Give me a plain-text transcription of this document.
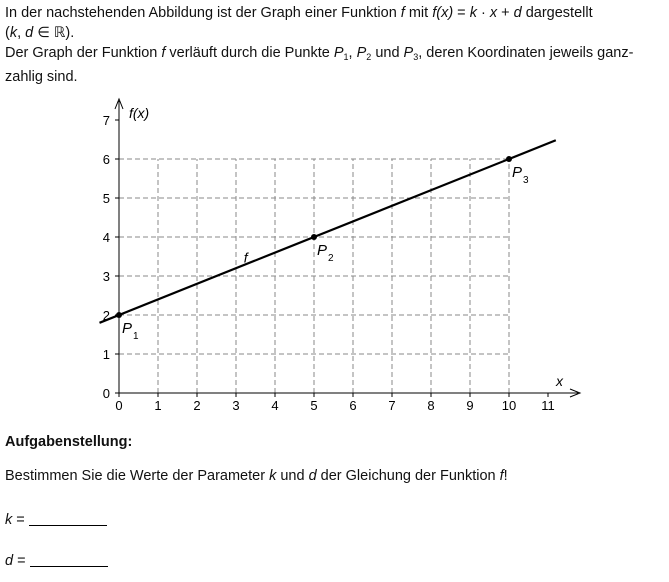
In der nachstehenden Abbildung ist der Graph einer Funktion f mit f(x) = k · x + d dargestellt

(k, d ∈ ℝ).

Der Graph der Funktion f verläuft durch die Punkte $P_1$, $P_2$ und $P_3$, deren Koordinaten jeweils ganz-

zahlig sind.

0 1 2 3 4 5 6 7 8 9 10 11
0
1
2
3
4
5
6
7
P 1
P 2
P 3
f(x)
x
f
Aufgabenstellung:
Bestimmen Sie die Werte der Parameter k und d der Gleichung der Funktion f!
k =
d =
